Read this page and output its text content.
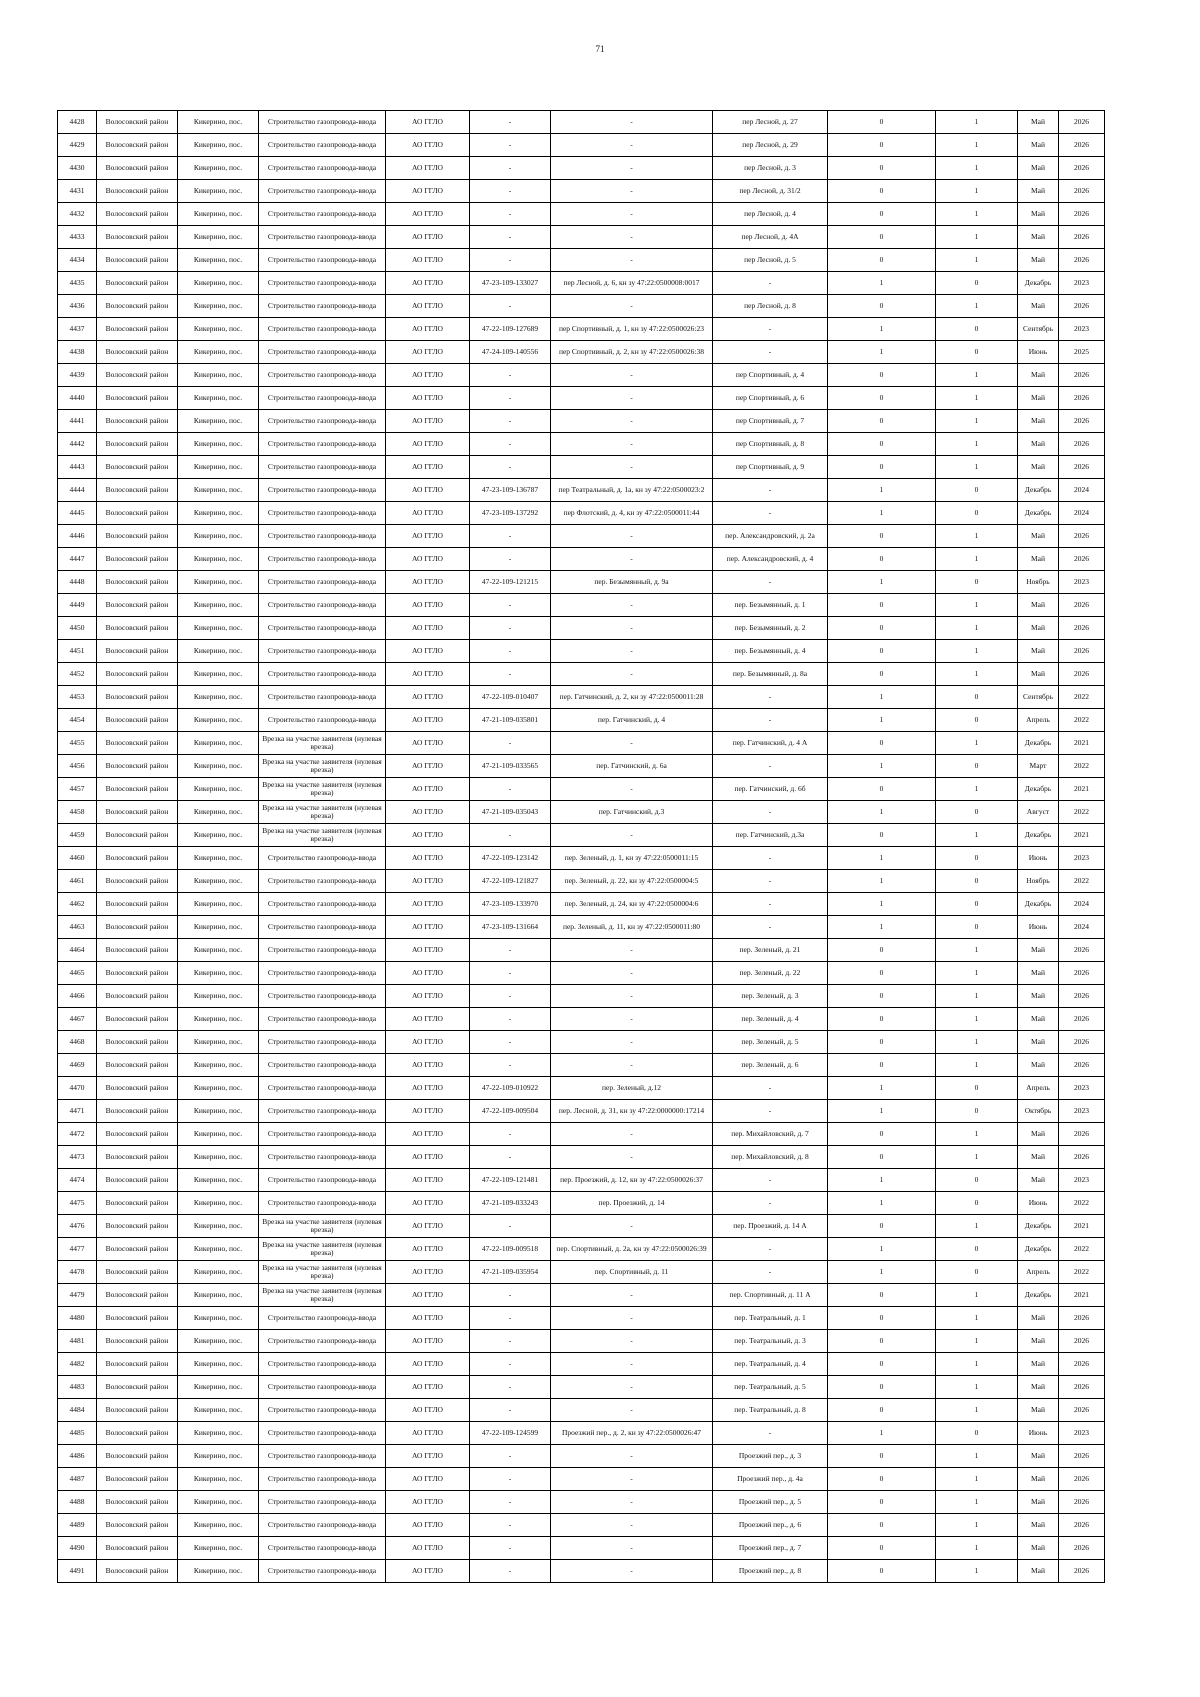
71
4428	Волосовский район	Кикерино, пос.	Строительство газопровода-ввода	АО ГГЛО	-	-	пер Лесной, д. 27	0	1	Май	2026
4429	Волосовский район	Кикерино, пос.	Строительство газопровода-ввода	АО ГГЛО	-	-	пер Лесной, д. 29	0	1	Май	2026
4430	Волосовский район	Кикерино, пос.	Строительство газопровода-ввода	АО ГГЛО	-	-	пер Лесной, д. 3	0	1	Май	2026
4431	Волосовский район	Кикерино, пос.	Строительство газопровода-ввода	АО ГГЛО	-	-	пер Лесной, д. 31/2	0	1	Май	2026
4432	Волосовский район	Кикерино, пос.	Строительство газопровода-ввода	АО ГГЛО	-	-	пер Лесной, д. 4	0	1	Май	2026
4433	Волосовский район	Кикерино, пос.	Строительство газопровода-ввода	АО ГГЛО	-	-	пер Лесной, д. 4А	0	1	Май	2026
4434	Волосовский район	Кикерино, пос.	Строительство газопровода-ввода	АО ГГЛО	-	-	пер Лесной, д. 5	0	1	Май	2026
4435	Волосовский район	Кикерино, пос.	Строительство газопровода-ввода	АО ГГЛО	47-23-109-133027	пер Лесной, д. 6, кн зу 47:22:0500008:0017	-	1	0	Декабрь	2023
4436	Волосовский район	Кикерино, пос.	Строительство газопровода-ввода	АО ГГЛО	-	-	пер Лесной, д. 8	0	1	Май	2026
4437	Волосовский район	Кикерино, пос.	Строительство газопровода-ввода	АО ГГЛО	47-22-109-127689	пер Спортивный, д. 1, кн зу 47:22:0500026:23	-	1	0	Сентябрь	2023
4438	Волосовский район	Кикерино, пос.	Строительство газопровода-ввода	АО ГГЛО	47-24-109-140556	пер Спортивный, д. 2, кн зу 47:22:0500026:38	-	1	0	Июнь	2025
4439	Волосовский район	Кикерино, пос.	Строительство газопровода-ввода	АО ГГЛО	-	-	пер Спортивный, д. 4	0	1	Май	2026
4440	Волосовский район	Кикерино, пос.	Строительство газопровода-ввода	АО ГГЛО	-	-	пер Спортивный, д. 6	0	1	Май	2026
4441	Волосовский район	Кикерино, пос.	Строительство газопровода-ввода	АО ГГЛО	-	-	пер Спортивный, д. 7	0	1	Май	2026
4442	Волосовский район	Кикерино, пос.	Строительство газопровода-ввода	АО ГГЛО	-	-	пер Спортивный, д. 8	0	1	Май	2026
4443	Волосовский район	Кикерино, пос.	Строительство газопровода-ввода	АО ГГЛО	-	-	пер Спортивный, д. 9	0	1	Май	2026
4444	Волосовский район	Кикерино, пос.	Строительство газопровода-ввода	АО ГГЛО	47-23-109-136787	пер Театральный, д. 1а, кн зу 47:22:0500023:2	-	1	0	Декабрь	2024
4445	Волосовский район	Кикерино, пос.	Строительство газопровода-ввода	АО ГГЛО	47-23-109-137292	пер Флотский, д. 4, кн зу 47:22:0500011:44	-	1	0	Декабрь	2024
4446	Волосовский район	Кикерино, пос.	Строительство газопровода-ввода	АО ГГЛО	-	-	пер. Александровский, д. 2а	0	1	Май	2026
4447	Волосовский район	Кикерино, пос.	Строительство газопровода-ввода	АО ГГЛО	-	-	пер. Александровский, д. 4	0	1	Май	2026
4448	Волосовский район	Кикерино, пос.	Строительство газопровода-ввода	АО ГГЛО	47-22-109-121215	пер. Безымянный, д. 9а	-	1	0	Ноябрь	2023
4449	Волосовский район	Кикерино, пос.	Строительство газопровода-ввода	АО ГГЛО	-	-	пер. Безымянный, д. 1	0	1	Май	2026
4450	Волосовский район	Кикерино, пос.	Строительство газопровода-ввода	АО ГГЛО	-	-	пер. Безымянный, д. 2	0	1	Май	2026
4451	Волосовский район	Кикерино, пос.	Строительство газопровода-ввода	АО ГГЛО	-	-	пер. Безымянный, д. 4	0	1	Май	2026
4452	Волосовский район	Кикерино, пос.	Строительство газопровода-ввода	АО ГГЛО	-	-	пер. Безымянный, д. 8а	0	1	Май	2026
4453	Волосовский район	Кикерино, пос.	Строительство газопровода-ввода	АО ГГЛО	47-22-109-010407	пер. Гатчинский, д. 2, кн зу 47:22:0500011:28	-	1	0	Сентябрь	2022
4454	Волосовский район	Кикерино, пос.	Строительство газопровода-ввода	АО ГГЛО	47-21-109-035801	пер. Гатчинский, д. 4	-	1	0	Апрель	2022
4455	Волосовский район	Кикерино, пос.	Врезка на участке заявителя (нулевая врезка)	АО ГГЛО	-	-	пер. Гатчинский, д. 4 А	0	1	Декабрь	2021
4456	Волосовский район	Кикерино, пос.	Врезка на участке заявителя (нулевая врезка)	АО ГГЛО	47-21-109-033565	пер. Гатчинский, д. 6а	-	1	0	Март	2022
4457	Волосовский район	Кикерино, пос.	Врезка на участке заявителя (нулевая врезка)	АО ГГЛО	-	-	пер. Гатчинский, д. 6б	0	1	Декабрь	2021
4458	Волосовский район	Кикерино, пос.	Врезка на участке заявителя (нулевая врезка)	АО ГГЛО	47-21-109-035043	пер. Гатчинский, д.3	-	1	0	Август	2022
4459	Волосовский район	Кикерино, пос.	Врезка на участке заявителя (нулевая врезка)	АО ГГЛО	-	-	пер. Гатчинский, д.3а	0	1	Декабрь	2021
4460	Волосовский район	Кикерино, пос.	Строительство газопровода-ввода	АО ГГЛО	47-22-109-123142	пер. Зеленый, д. 1, кн зу 47:22:0500011:15	-	1	0	Июнь	2023
4461	Волосовский район	Кикерино, пос.	Строительство газопровода-ввода	АО ГГЛО	47-22-109-121827	пер. Зеленый, д. 22, кн зу 47:22:0500004:5	-	1	0	Ноябрь	2022
4462	Волосовский район	Кикерино, пос.	Строительство газопровода-ввода	АО ГГЛО	47-23-109-133970	пер. Зеленый, д. 24, кн зу 47:22:0500004:6	-	1	0	Декабрь	2024
4463	Волосовский район	Кикерино, пос.	Строительство газопровода-ввода	АО ГГЛО	47-23-109-131664	пер. Зеленый, д. 11, кн зу 47:22:0500011:80	-	1	0	Июнь	2024
4464	Волосовский район	Кикерино, пос.	Строительство газопровода-ввода	АО ГГЛО	-	-	пер. Зеленый, д. 21	0	1	Май	2026
4465	Волосовский район	Кикерино, пос.	Строительство газопровода-ввода	АО ГГЛО	-	-	пер. Зеленый, д. 22	0	1	Май	2026
4466	Волосовский район	Кикерино, пос.	Строительство газопровода-ввода	АО ГГЛО	-	-	пер. Зеленый, д. 3	0	1	Май	2026
4467	Волосовский район	Кикерино, пос.	Строительство газопровода-ввода	АО ГГЛО	-	-	пер. Зеленый, д. 4	0	1	Май	2026
4468	Волосовский район	Кикерино, пос.	Строительство газопровода-ввода	АО ГГЛО	-	-	пер. Зеленый, д. 5	0	1	Май	2026
4469	Волосовский район	Кикерино, пос.	Строительство газопровода-ввода	АО ГГЛО	-	-	пер. Зеленый, д. 6	0	1	Май	2026
4470	Волосовский район	Кикерино, пос.	Строительство газопровода-ввода	АО ГГЛО	47-22-109-010922	пер. Зеленый, д.12	-	1	0	Апрель	2023
4471	Волосовский район	Кикерино, пос.	Строительство газопровода-ввода	АО ГГЛО	47-22-109-009504	пер. Лесной, д. 31, кн зу 47:22:0000000:17214	-	1	0	Октябрь	2023
4472	Волосовский район	Кикерино, пос.	Строительство газопровода-ввода	АО ГГЛО	-	-	пер. Михайловский, д. 7	0	1	Май	2026
4473	Волосовский район	Кикерино, пос.	Строительство газопровода-ввода	АО ГГЛО	-	-	пер. Михайловский, д. 8	0	1	Май	2026
4474	Волосовский район	Кикерино, пос.	Строительство газопровода-ввода	АО ГГЛО	47-22-109-121481	пер. Проезжий, д. 12, кн зу 47:22:0500026:37	-	1	0	Май	2023
4475	Волосовский район	Кикерино, пос.	Строительство газопровода-ввода	АО ГГЛО	47-21-109-033243	пер. Проезжий, д. 14	-	1	0	Июнь	2022
4476	Волосовский район	Кикерино, пос.	Врезка на участке заявителя (нулевая врезка)	АО ГГЛО	-	-	пер. Проезжий, д. 14 А	0	1	Декабрь	2021
4477	Волосовский район	Кикерино, пос.	Врезка на участке заявителя (нулевая врезка)	АО ГГЛО	47-22-109-009518	пер. Спортивный, д. 2а, кн зу 47:22:0500026:39	-	1	0	Декабрь	2022
4478	Волосовский район	Кикерино, пос.	Врезка на участке заявителя (нулевая врезка)	АО ГГЛО	47-21-109-035954	пер. Спортивный, д. 11	-	1	0	Апрель	2022
4479	Волосовский район	Кикерино, пос.	Врезка на участке заявителя (нулевая врезка)	АО ГГЛО	-	-	пер. Спортивный, д. 11 А	0	1	Декабрь	2021
4480	Волосовский район	Кикерино, пос.	Строительство газопровода-ввода	АО ГГЛО	-	-	пер. Театральный, д. 1	0	1	Май	2026
4481	Волосовский район	Кикерино, пос.	Строительство газопровода-ввода	АО ГГЛО	-	-	пер. Театральный, д. 3	0	1	Май	2026
4482	Волосовский район	Кикерино, пос.	Строительство газопровода-ввода	АО ГГЛО	-	-	пер. Театральный, д. 4	0	1	Май	2026
4483	Волосовский район	Кикерино, пос.	Строительство газопровода-ввода	АО ГГЛО	-	-	пер. Театральный, д. 5	0	1	Май	2026
4484	Волосовский район	Кикерино, пос.	Строительство газопровода-ввода	АО ГГЛО	-	-	пер. Театральный, д. 8	0	1	Май	2026
4485	Волосовский район	Кикерино, пос.	Строительство газопровода-ввода	АО ГГЛО	47-22-109-124599	Проезжий пер., д. 2, кн зу 47:22:0500026:47	-	1	0	Июнь	2023
4486	Волосовский район	Кикерино, пос.	Строительство газопровода-ввода	АО ГГЛО	-	-	Проезжий пер., д. 3	0	1	Май	2026
4487	Волосовский район	Кикерино, пос.	Строительство газопровода-ввода	АО ГГЛО	-	-	Проезжий пер., д. 4а	0	1	Май	2026
4488	Волосовский район	Кикерино, пос.	Строительство газопровода-ввода	АО ГГЛО	-	-	Проезжий пер., д. 5	0	1	Май	2026
4489	Волосовский район	Кикерино, пос.	Строительство газопровода-ввода	АО ГГЛО	-	-	Проезжий пер., д. 6	0	1	Май	2026
4490	Волосовский район	Кикерино, пос.	Строительство газопровода-ввода	АО ГГЛО	-	-	Проезжий пер., д. 7	0	1	Май	2026
4491	Волосовский район	Кикерино, пос.	Строительство газопровода-ввода	АО ГГЛО	-	-	Проезжий пер., д. 8	0	1	Май	2026
